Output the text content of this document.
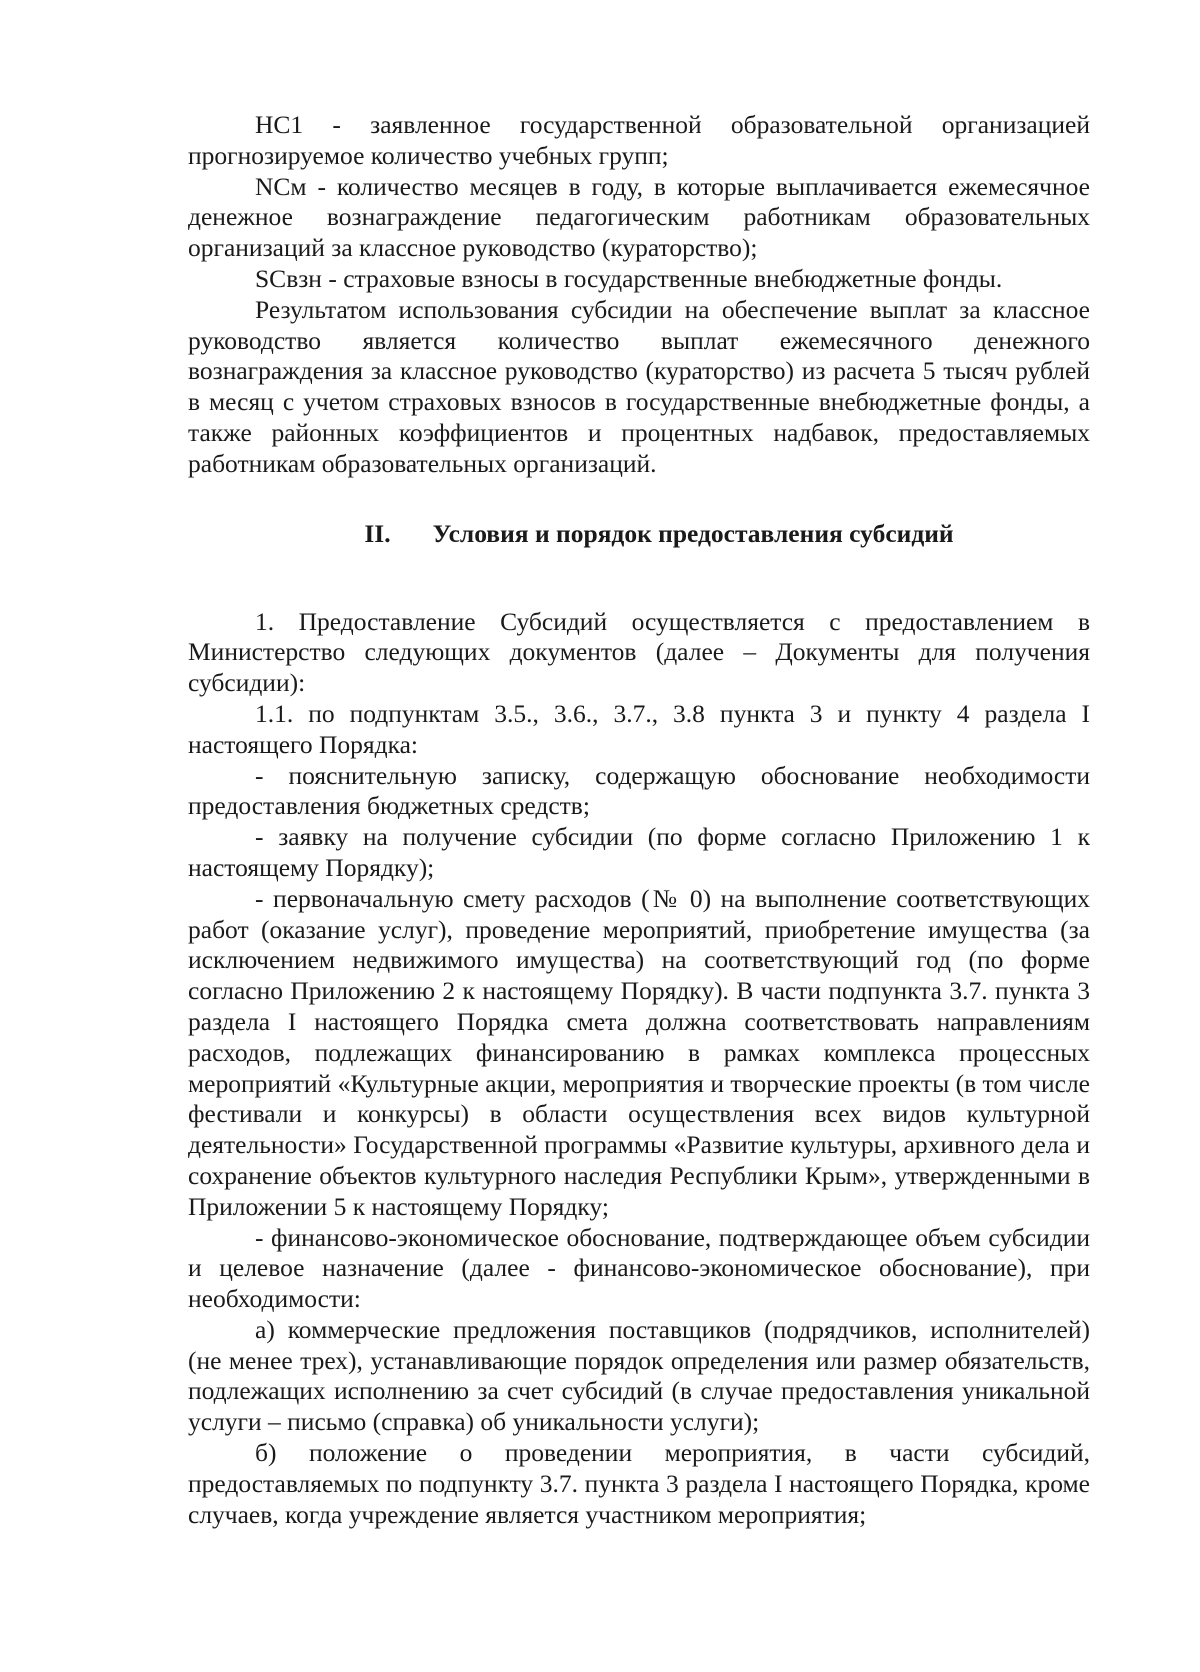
НС1 - заявленное государственной образовательной организацией прогнозируемое количество учебных групп;

NCм - количество месяцев в году, в которые выплачивается ежемесячное денежное вознаграждение педагогическим работникам образовательных организаций за классное руководство (кураторство);

SCвзн - страховые взносы в государственные внебюджетные фонды.

Результатом использования субсидии на обеспечение выплат за классное руководство является количество выплат ежемесячного денежного вознаграждения за классное руководство (кураторство) из расчета 5 тысяч рублей в месяц с учетом страховых взносов в государственные внебюджетные фонды, а также районных коэффициентов и процентных надбавок, предоставляемых работникам образовательных организаций.

II. Условия и порядок предоставления субсидий

1. Предоставление Субсидий осуществляется с предоставлением в Министерство следующих документов (далее – Документы для получения субсидии):

1.1. по подпунктам 3.5., 3.6., 3.7., 3.8 пункта 3 и пункту 4 раздела I настоящего Порядка:

- пояснительную записку, содержащую обоснование необходимости предоставления бюджетных средств;

- заявку на получение субсидии (по форме согласно Приложению 1 к настоящему Порядку);

- первоначальную смету расходов (№ 0) на выполнение соответствующих работ (оказание услуг), проведение мероприятий, приобретение имущества (за исключением недвижимого имущества) на соответствующий год (по форме согласно Приложению 2 к настоящему Порядку). В части подпункта 3.7. пункта 3 раздела I настоящего Порядка смета должна соответствовать направлениям расходов, подлежащих финансированию в рамках комплекса процессных мероприятий «Культурные акции, мероприятия и творческие проекты (в том числе фестивали и конкурсы) в области осуществления всех видов культурной деятельности» Государственной программы «Развитие культуры, архивного дела и сохранение объектов культурного наследия Республики Крым», утвержденными в Приложении 5 к настоящему Порядку;

- финансово-экономическое обоснование, подтверждающее объем субсидии и целевое назначение (далее - финансово-экономическое обоснование), при необходимости:

а) коммерческие предложения поставщиков (подрядчиков, исполнителей) (не менее трех), устанавливающие порядок определения или размер обязательств, подлежащих исполнению за счет субсидий (в случае предоставления уникальной услуги – письмо (справка) об уникальности услуги);

б) положение о проведении мероприятия, в части субсидий, предоставляемых по подпункту 3.7. пункта 3 раздела I настоящего Порядка, кроме случаев, когда учреждение является участником мероприятия;
